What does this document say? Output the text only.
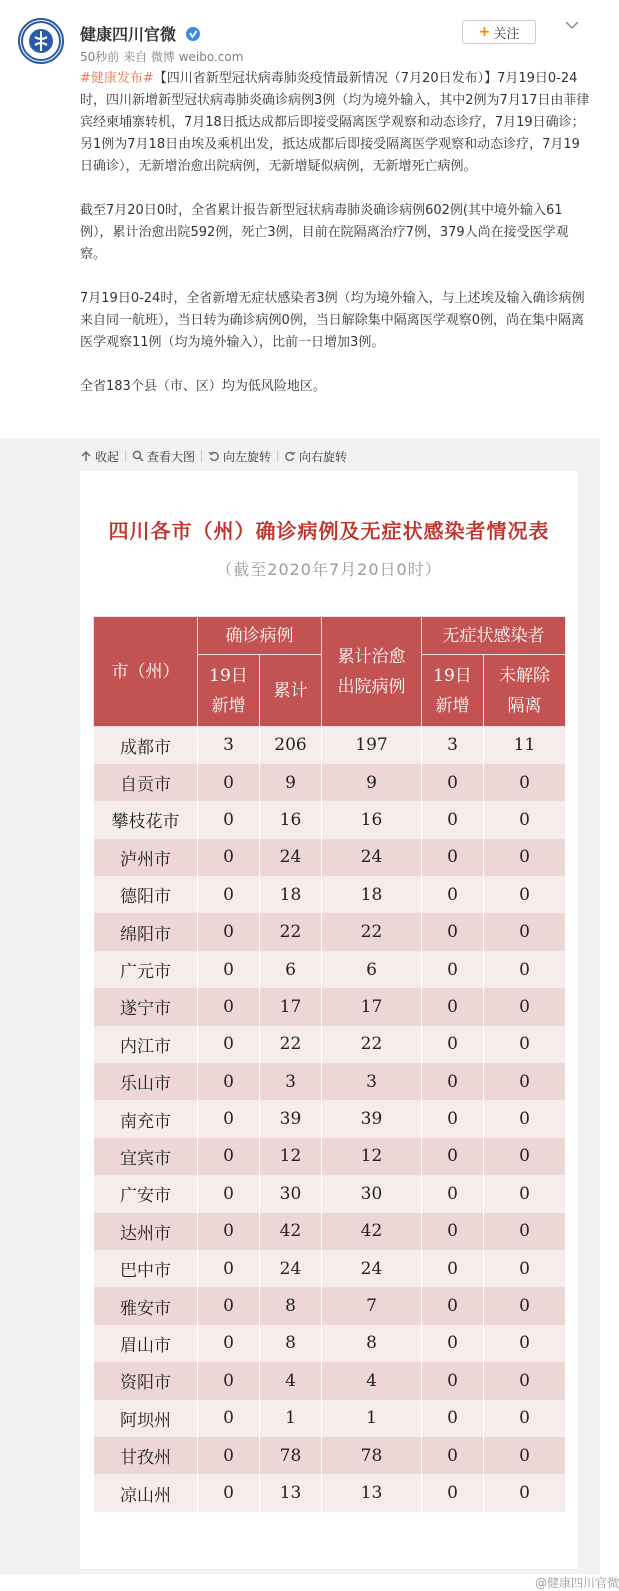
健康四川官微
50秒前 来自 微博 weibo.com
+ 关注

#健康发布#【四川省新型冠状病毒肺炎疫情最新情况（7月20日发布）】7月19日0-24时，四川新增新型冠状病毒肺炎确诊病例3例（均为境外输入，其中2例为7月17日由菲律宾经柬埔寨转机，7月18日抵达成都后即接受隔离医学观察和动态诊疗，7月19日确诊；另1例为7月18日由埃及乘机出发，抵达成都后即接受隔离医学观察和动态诊疗，7月19日确诊），无新增治愈出院病例，无新增疑似病例，无新增死亡病例。

截至7月20日0时，全省累计报告新型冠状病毒肺炎确诊病例602例(其中境外输入61例），累计治愈出院592例，死亡3例，目前在院隔离治疗7例，379人尚在接受医学观察。

7月19日0-24时，全省新增无症状感染者3例（均为境外输入，与上述埃及输入确诊病例来自同一航班），当日转为确诊病例0例，当日解除集中隔离医学观察0例，尚在集中隔离医学观察11例（均为境外输入），比前一日增加3例。

全省183个县（市、区）均为低风险地区。

收起 查看大图 向左旋转 向右旋转
四川各市（州）确诊病例及无症状感染者情况表
（截至2020年7月20日0时）
市（州）	确诊病例		累计治愈出院病例	无症状感染者	

	19日新增	累计		19日新增	未解除隔离

成都市	3	206	197	3	11
自贡市	0	9	9	0	0
攀枝花市	0	16	16	0	0
泸州市	0	24	24	0	0
德阳市	0	18	18	0	0
绵阳市	0	22	22	0	0
广元市	0	6	6	0	0
遂宁市	0	17	17	0	0
内江市	0	22	22	0	0
乐山市	0	3	3	0	0
南充市	0	39	39	0	0
宜宾市	0	12	12	0	0
广安市	0	30	30	0	0
达州市	0	42	42	0	0
巴中市	0	24	24	0	0
雅安市	0	8	7	0	0
眉山市	0	8	8	0	0
资阳市	0	4	4	0	0
阿坝州	0	1	1	0	0
甘孜州	0	78	78	0	0
凉山州	0	13	13	0	0
@健康四川官微
